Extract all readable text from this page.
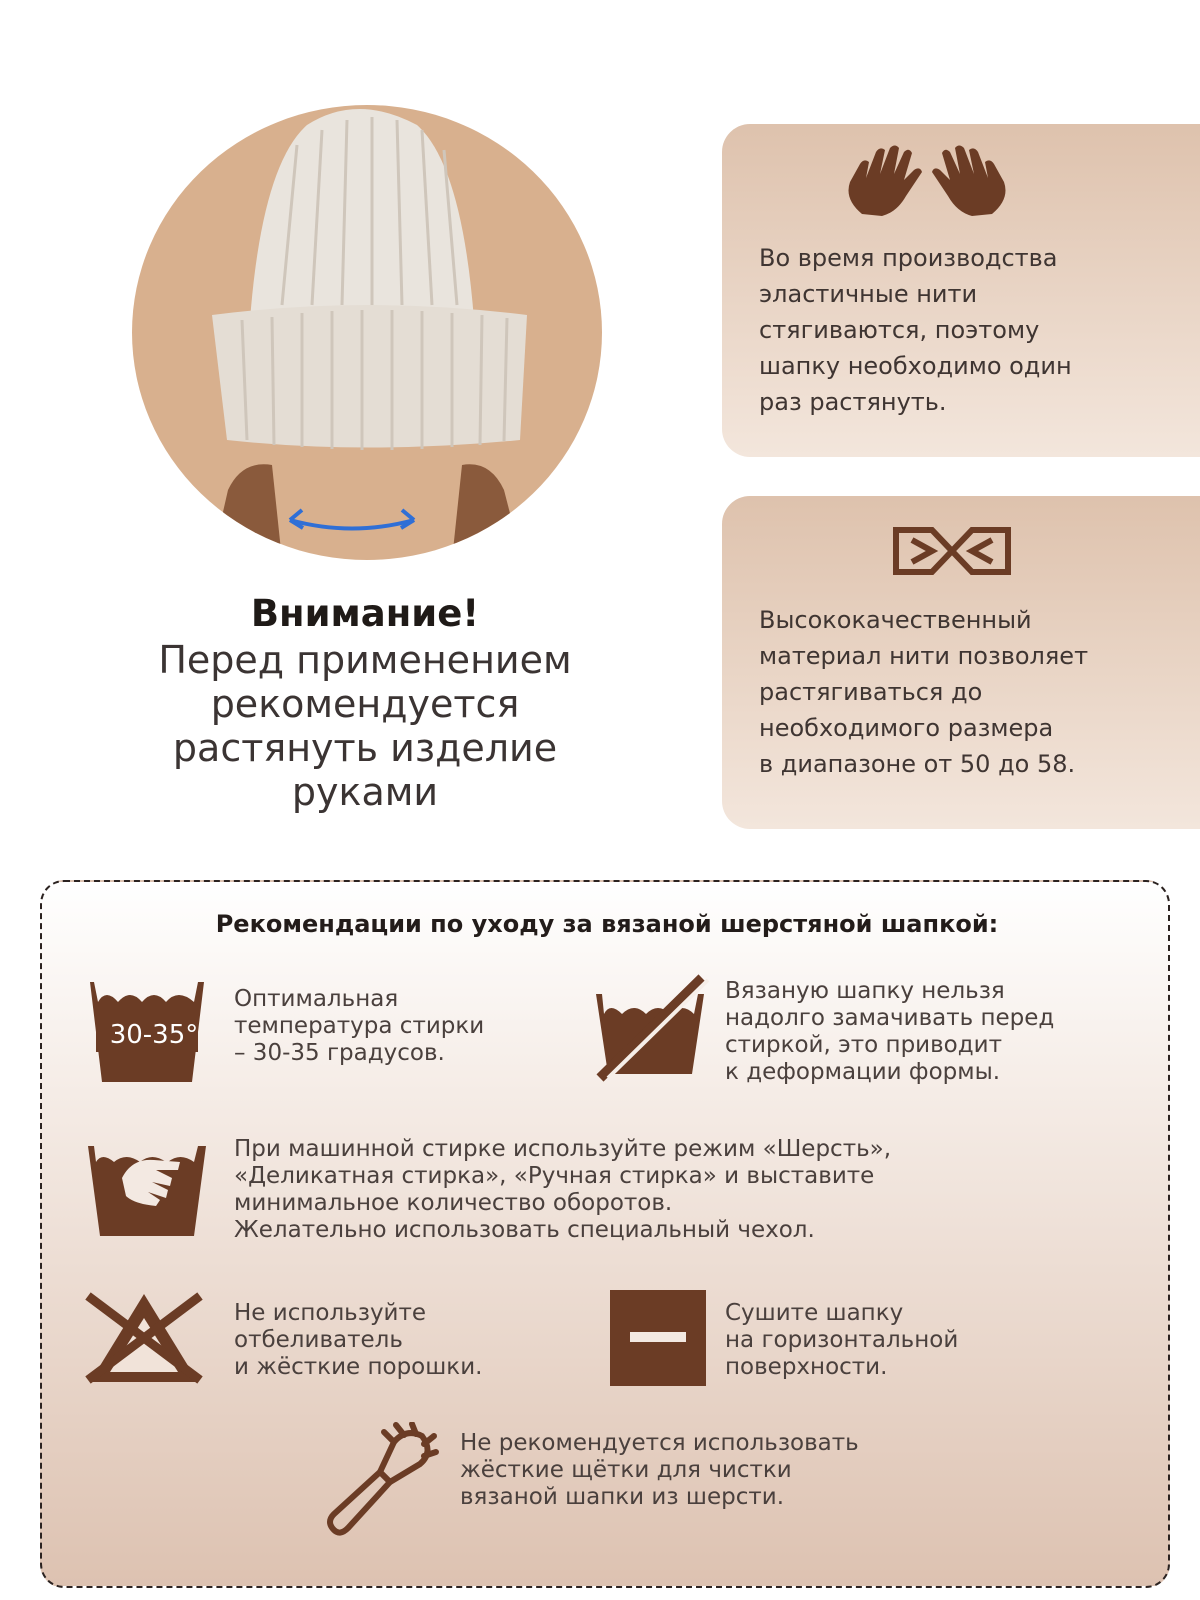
Внимание!
Перед применением
рекомендуется
растянуть изделие
руками
Во время производства
эластичные нити
стягиваются, поэтому
шапку необходимо один
раз растянуть.
Высококачественный
материал нити позволяет
растягиваться до
необходимого размера
в диапазоне от 50 до 58.
Рекомендации по уходу за вязаной шерстяной шапкой:
30-35°
Оптимальная
температура стирки
– 30-35 градусов.
Вязаную шапку нельзя
надолго замачивать перед
стиркой, это приводит
к деформации формы.
При машинной стирке используйте режим «Шерсть»,
«Деликатная стирка», «Ручная стирка» и выставите
минимальное количество оборотов.
Желательно использовать специальный чехол.
Не используйте
отбеливатель
и жёсткие порошки.
Сушите шапку
на горизонтальной
поверхности.
Не рекомендуется использовать
жёсткие щётки для чистки
вязаной шапки из шерсти.
